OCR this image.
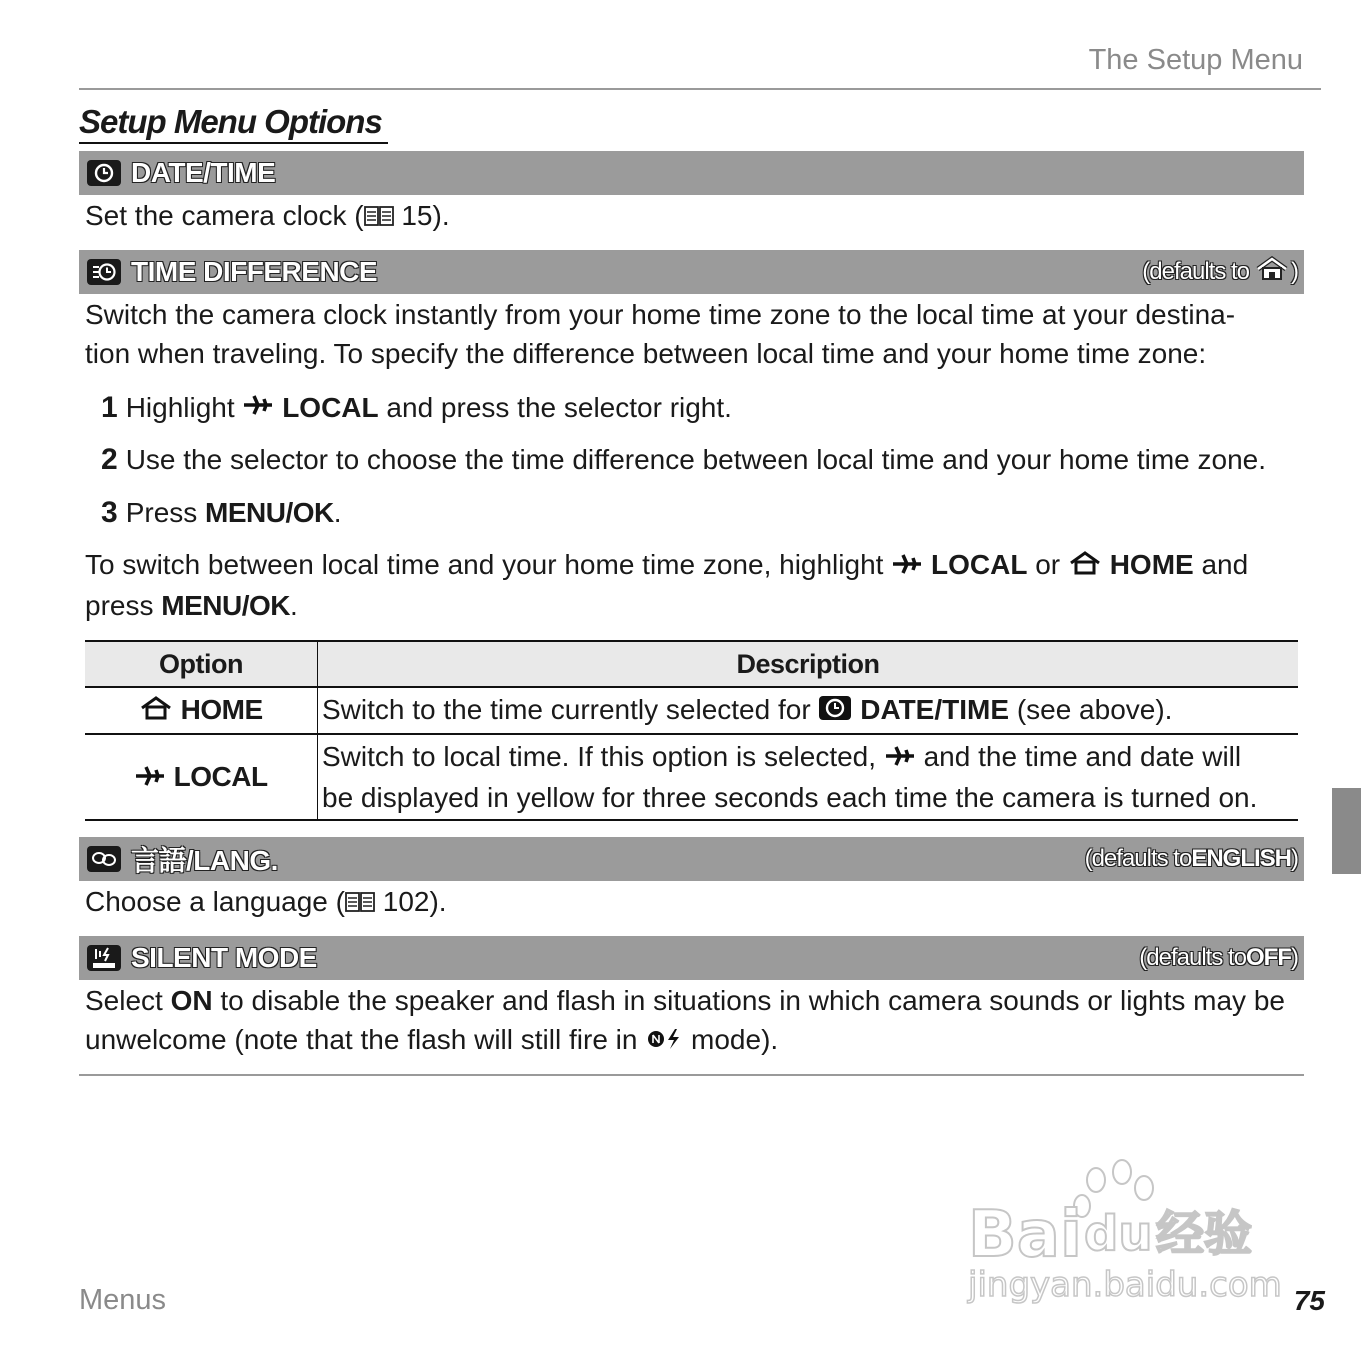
The Setup Menu
Setup Menu Options
DATE/TIME
Set the camera clock ( 15).
TIME DIFFERENCE	(defaults to )
Switch the camera clock instantly from your home time zone to the local time at your destina-
tion when traveling. To specify the difference between local time and your home time zone:
1 Highlight

LOCAL
and press the selector right.
2 Use the selector to choose the time difference between local time and your home time zone.
3 Press
MENU/OK .
To switch between local time and your home time zone, highlight LOCAL or HOME and
press MENU/OK.
Option	Description
HOME	Switch to the time currently selected for DATE/TIME (see above).
LOCAL	Switch to local time. If this option is selected, and the time and date will
be displayed in yellow for three seconds each time the camera is turned on.
言語/LANG.	(defaults to ENGLISH )
Choose a language ( 102).
SILENT MODE	(defaults to OFF )
Select ON to disable the speaker and flash in situations in which camera sounds or lights may be
unwelcome (note that the flash will still fire in mode).
Bai du 经验
jingyan.baidu.com
Menus	75
